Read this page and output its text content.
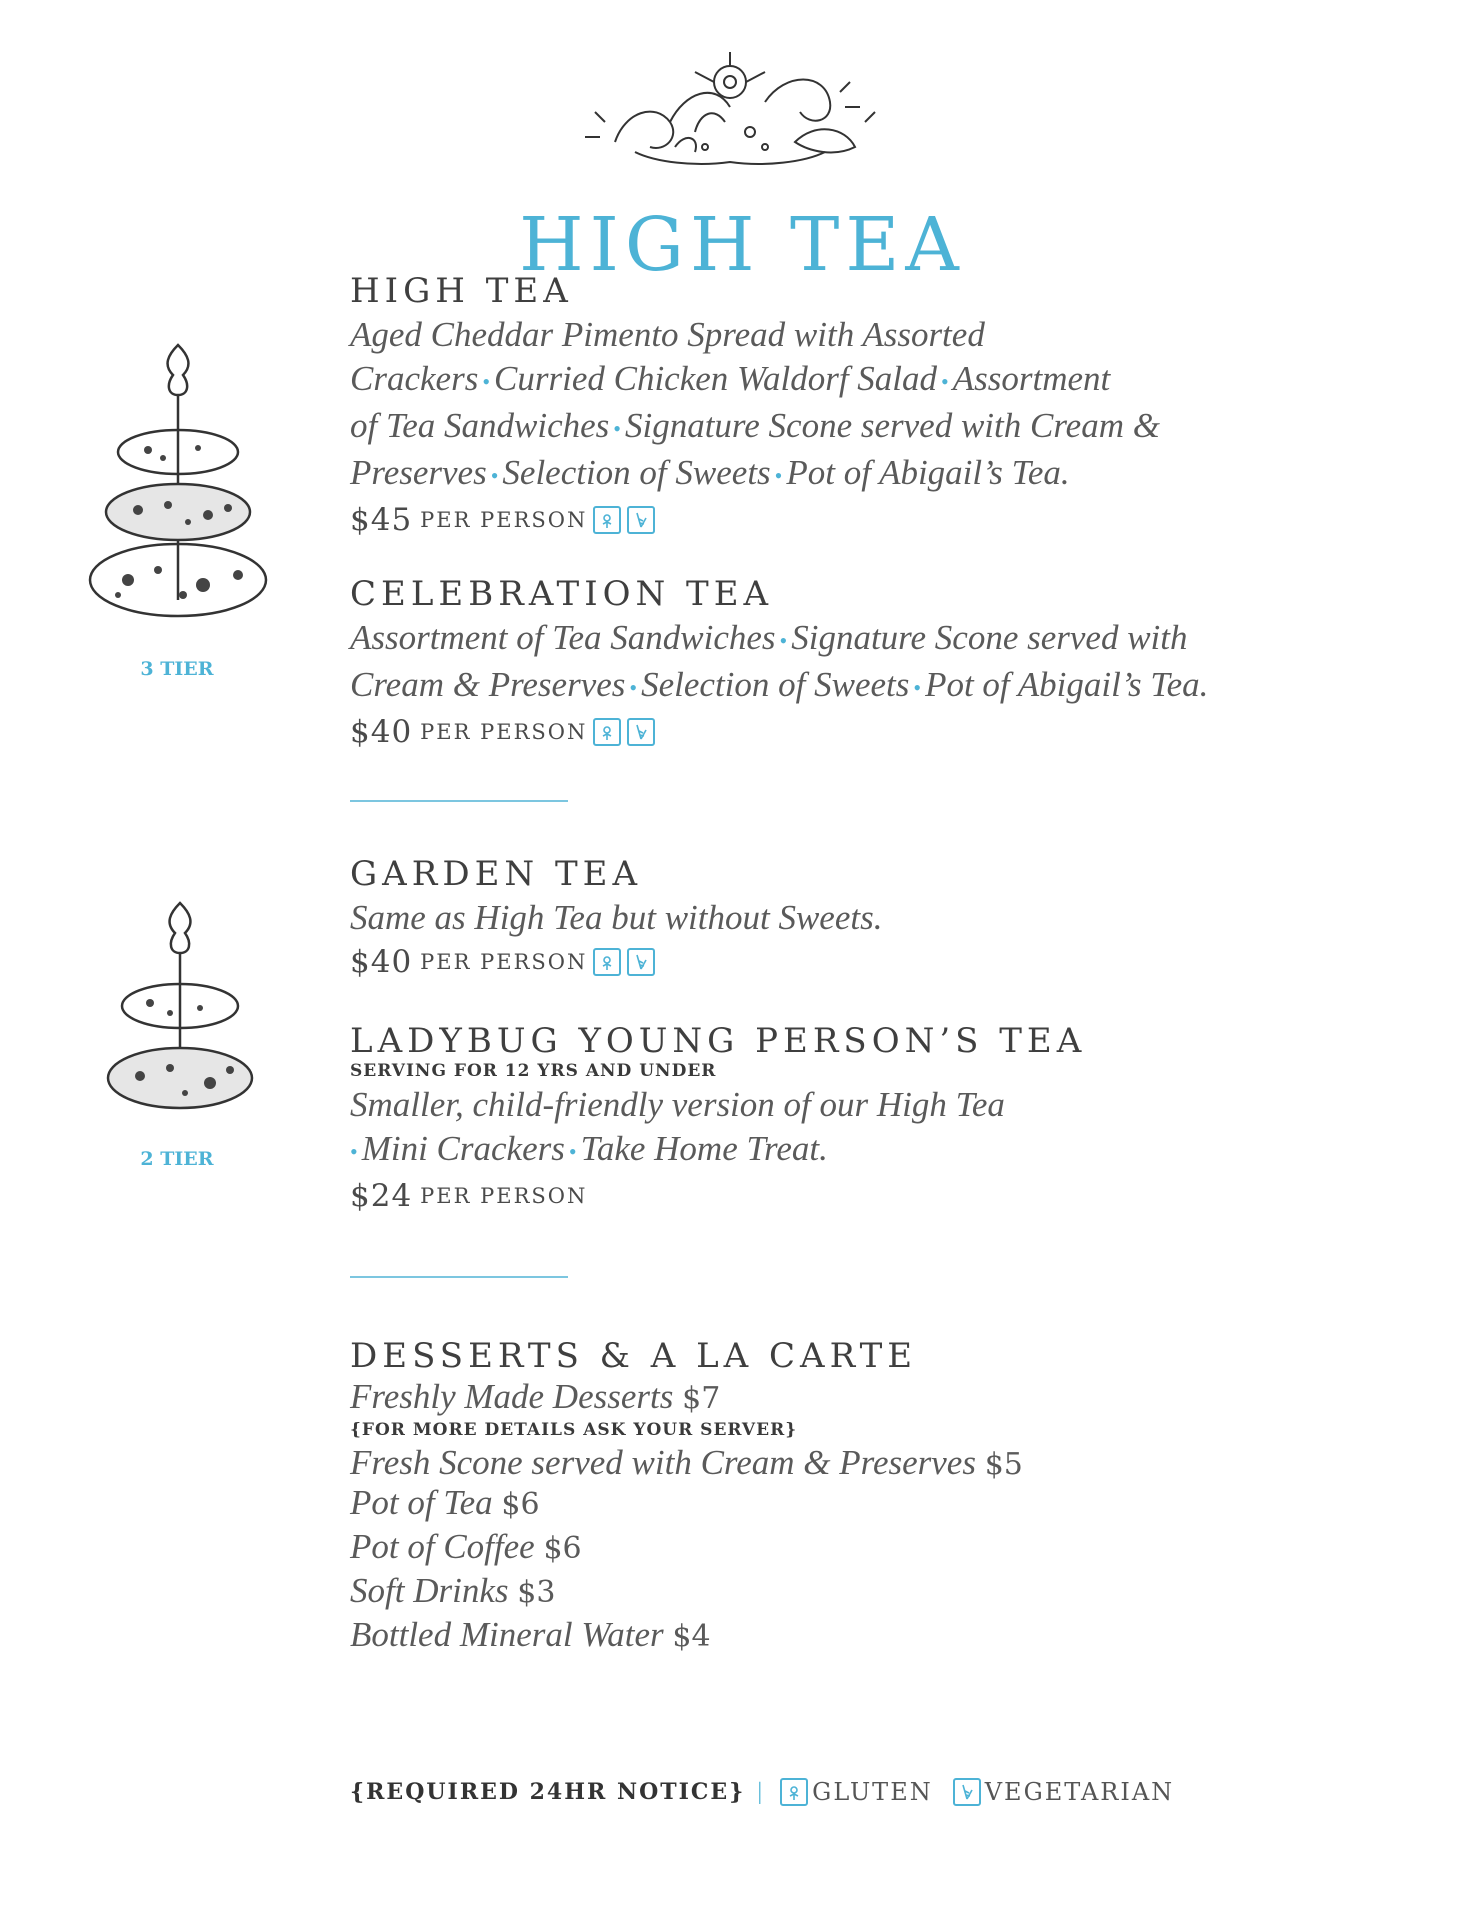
HIGH TEA
3 TIER
2 TIER
HIGH TEA
Aged Cheddar Pimento Spread with Assorted
Crackers • Curried Chicken Waldorf Salad • Assortment
of Tea Sandwiches • Signature Scone served with Cream &
Preserves • Selection of Sweets • Pot of Abigail’s Tea.
$45 PER PERSON
CELEBRATION TEA
Assortment of Tea Sandwiches • Signature Scone served with
Cream & Preserves • Selection of Sweets • Pot of Abigail’s Tea.
$40 PER PERSON
GARDEN TEA
Same as High Tea but without Sweets.
$40 PER PERSON
LADYBUG YOUNG PERSON’S TEA

SERVING FOR 12 YRS AND UNDER

Smaller, child-friendly version of our High Tea
• Mini Crackers • Take Home Treat.
$24 PER PERSON
DESSERTS & A LA CARTE
Freshly Made Desserts $7

{FOR MORE DETAILS ASK YOUR SERVER}

Fresh Scone served with Cream & Preserves $5
Pot of Tea $6
Pot of Coffee $6
Soft Drinks $3
Bottled Mineral Water $4
{REQUIRED 24HR NOTICE} | GLUTEN VEGETARIAN
